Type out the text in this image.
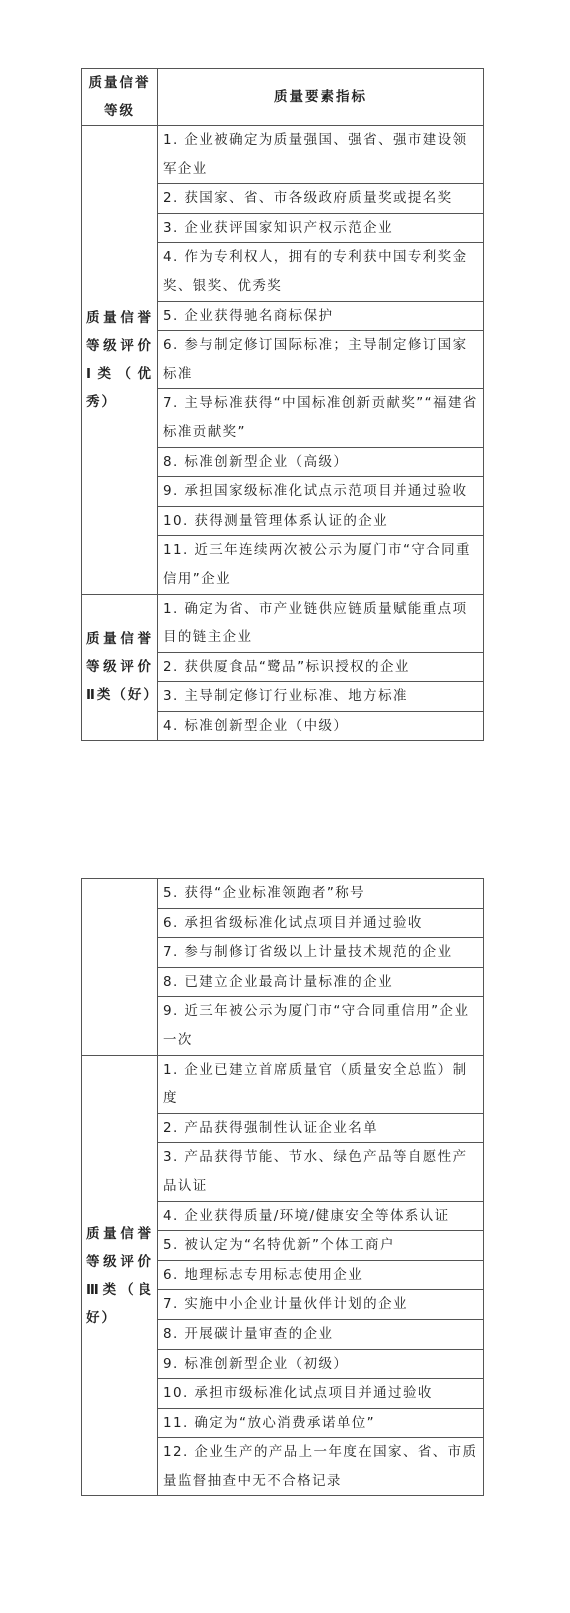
质量信誉等级	质量要素指标
质量信誉等级评价Ⅰ类（优秀）	1. 企业被确定为质量强国、强省、强市建设领军企业
	2. 获国家、省、市各级政府质量奖或提名奖
	3. 企业获评国家知识产权示范企业
	4. 作为专利权人，拥有的专利获中国专利奖金奖、银奖、优秀奖
	5. 企业获得驰名商标保护
	6. 参与制定修订国际标准；主导制定修订国家标准
	7. 主导标准获得“中国标准创新贡献奖”“福建省标准贡献奖”
	8. 标准创新型企业（高级）
	9. 承担国家级标准化试点示范项目并通过验收
	10. 获得测量管理体系认证的企业
	11. 近三年连续两次被公示为厦门市“守合同重信用”企业
质量信誉等级评价Ⅱ类（好）	1. 确定为省、市产业链供应链质量赋能重点项目的链主企业
	2. 获供厦食品“鹭品”标识授权的企业
	3. 主导制定修订行业标准、地方标准
	4. 标准创新型企业（中级）
	5. 获得“企业标准领跑者”称号
	6. 承担省级标准化试点项目并通过验收
	7. 参与制修订省级以上计量技术规范的企业
	8. 已建立企业最高计量标准的企业
	9. 近三年被公示为厦门市“守合同重信用”企业一次
质量信誉等级评价Ⅲ类（良好）	1. 企业已建立首席质量官（质量安全总监）制度
	2. 产品获得强制性认证企业名单
	3. 产品获得节能、节水、绿色产品等自愿性产品认证
	4. 企业获得质量/环境/健康安全等体系认证
	5. 被认定为“名特优新”个体工商户
	6. 地理标志专用标志使用企业
	7. 实施中小企业计量伙伴计划的企业
	8. 开展碳计量审查的企业
	9. 标准创新型企业（初级）
	10. 承担市级标准化试点项目并通过验收
	11. 确定为“放心消费承诺单位”
	12. 企业生产的产品上一年度在国家、省、市质量监督抽查中无不合格记录
